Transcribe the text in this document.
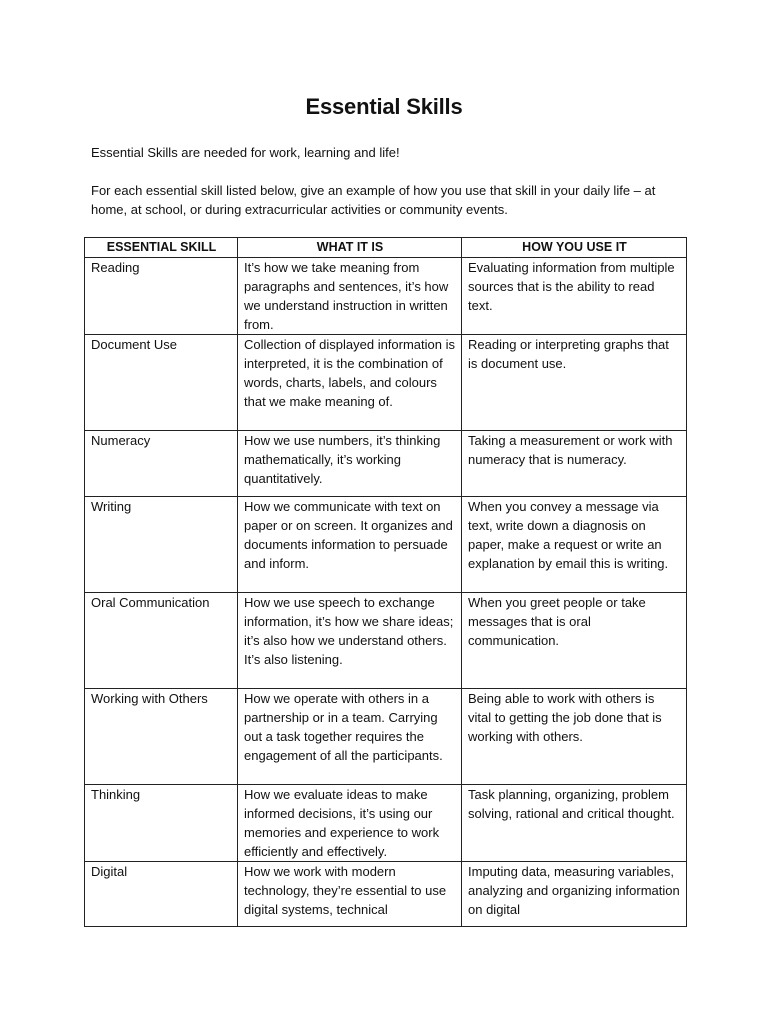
Essential Skills
Essential Skills are needed for work, learning and life!
For each essential skill listed below, give an example of how you use that skill in your daily life – at home, at school, or during extracurricular activities or community events.
ESSENTIAL SKILL	WHAT IT IS	HOW YOU USE IT
Reading	It’s how we take meaning from paragraphs and sentences, it’s how we understand instruction in written from.	Evaluating information from multiple sources that is the ability to read text.
Document Use	Collection of displayed information is interpreted, it is the combination of words, charts, labels, and colours that we make meaning of.	Reading or interpreting graphs that is document use.
Numeracy	How we use numbers, it’s thinking mathematically, it’s working quantitatively.	Taking a measurement or work with numeracy that is numeracy.
Writing	How we communicate with text on paper or on screen. It organizes and documents information to persuade and inform.	When you convey a message via text, write down a diagnosis on paper, make a request or write an explanation by email this is writing.
Oral Communication	How we use speech to exchange information, it’s how we share ideas; it’s also how we understand others. It’s also listening.	When you greet people or take messages that is oral communication.
Working with Others	How we operate with others in a partnership or in a team. Carrying out a task together requires the engagement of all the participants.	Being able to work with others is vital to getting the job done that is working with others.
Thinking	How we evaluate ideas to make informed decisions, it’s using our memories and experience to work efficiently and effectively.	Task planning, organizing, problem solving, rational and critical thought.

Digital	How we work with modern technology, they’re essential to use digital systems, technical	Imputing data, measuring variables, analyzing and organizing information on digital
